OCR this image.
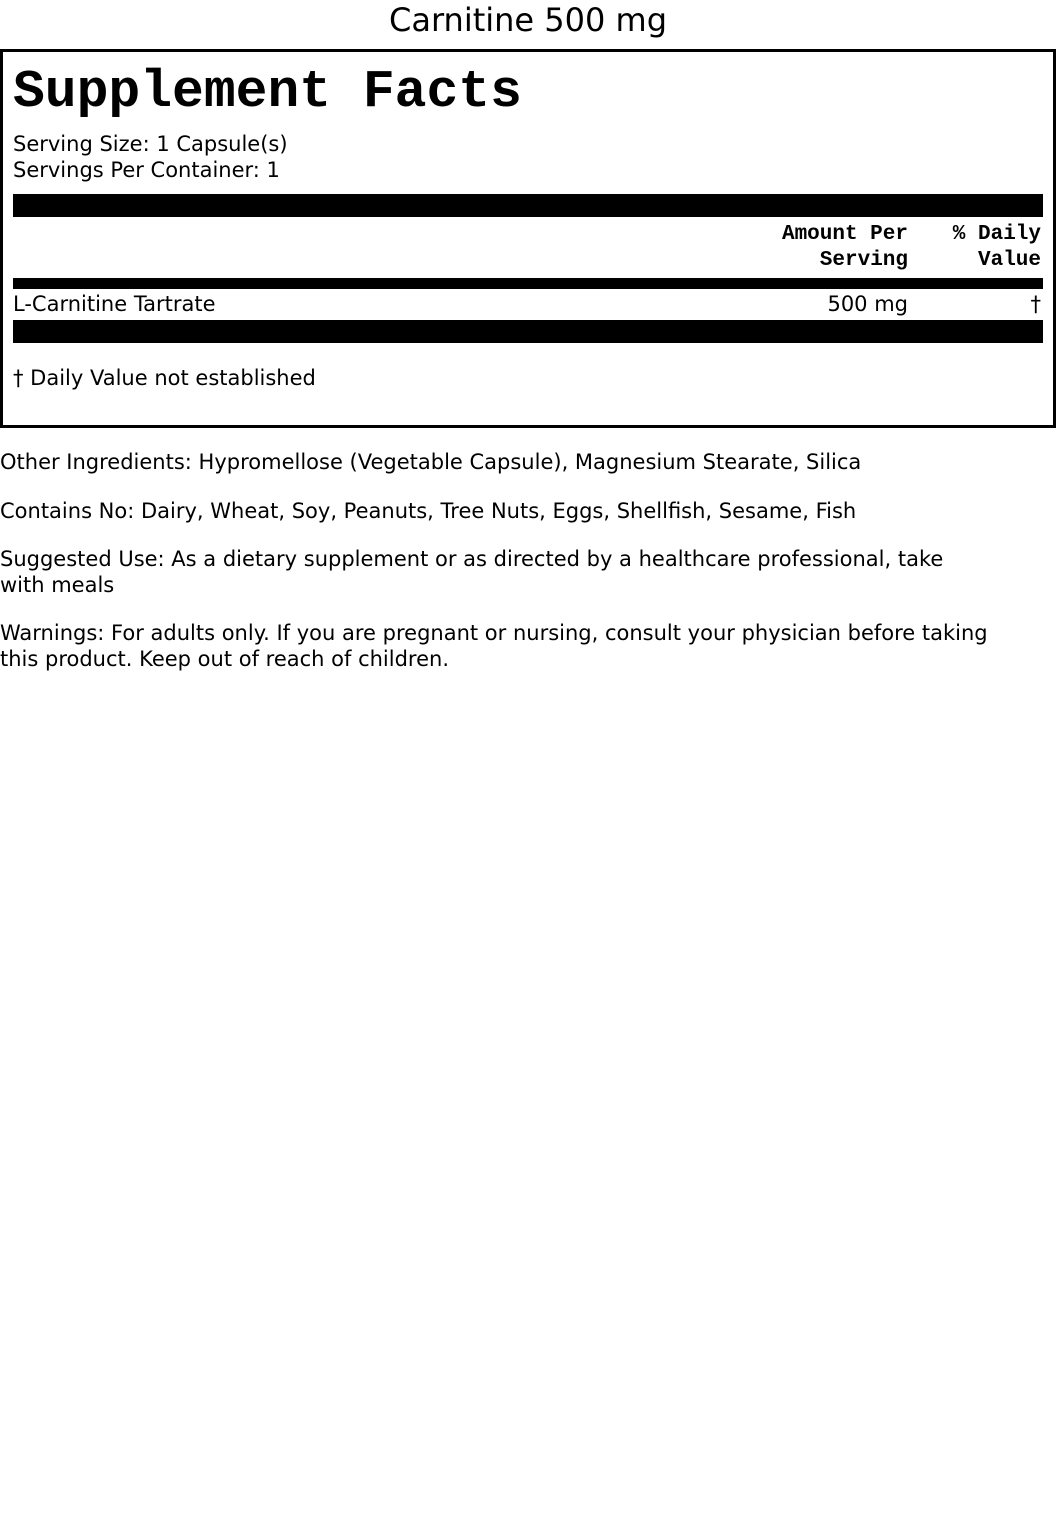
Carnitine 500 mg
Supplement Facts
Serving Size: 1 Capsule(s)
Servings Per Container: 1
Amount Per
Serving
% Daily
Value
L-Carnitine Tartrate	500 mg	†
† Daily Value not established
Other Ingredients: Hypromellose (Vegetable Capsule), Magnesium Stearate, Silica
Contains No: Dairy, Wheat, Soy, Peanuts, Tree Nuts, Eggs, Shellfish, Sesame, Fish
Suggested Use: As a dietary supplement or as directed by a healthcare professional, take
with meals
Warnings: For adults only. If you are pregnant or nursing, consult your physician before taking
this product. Keep out of reach of children.
